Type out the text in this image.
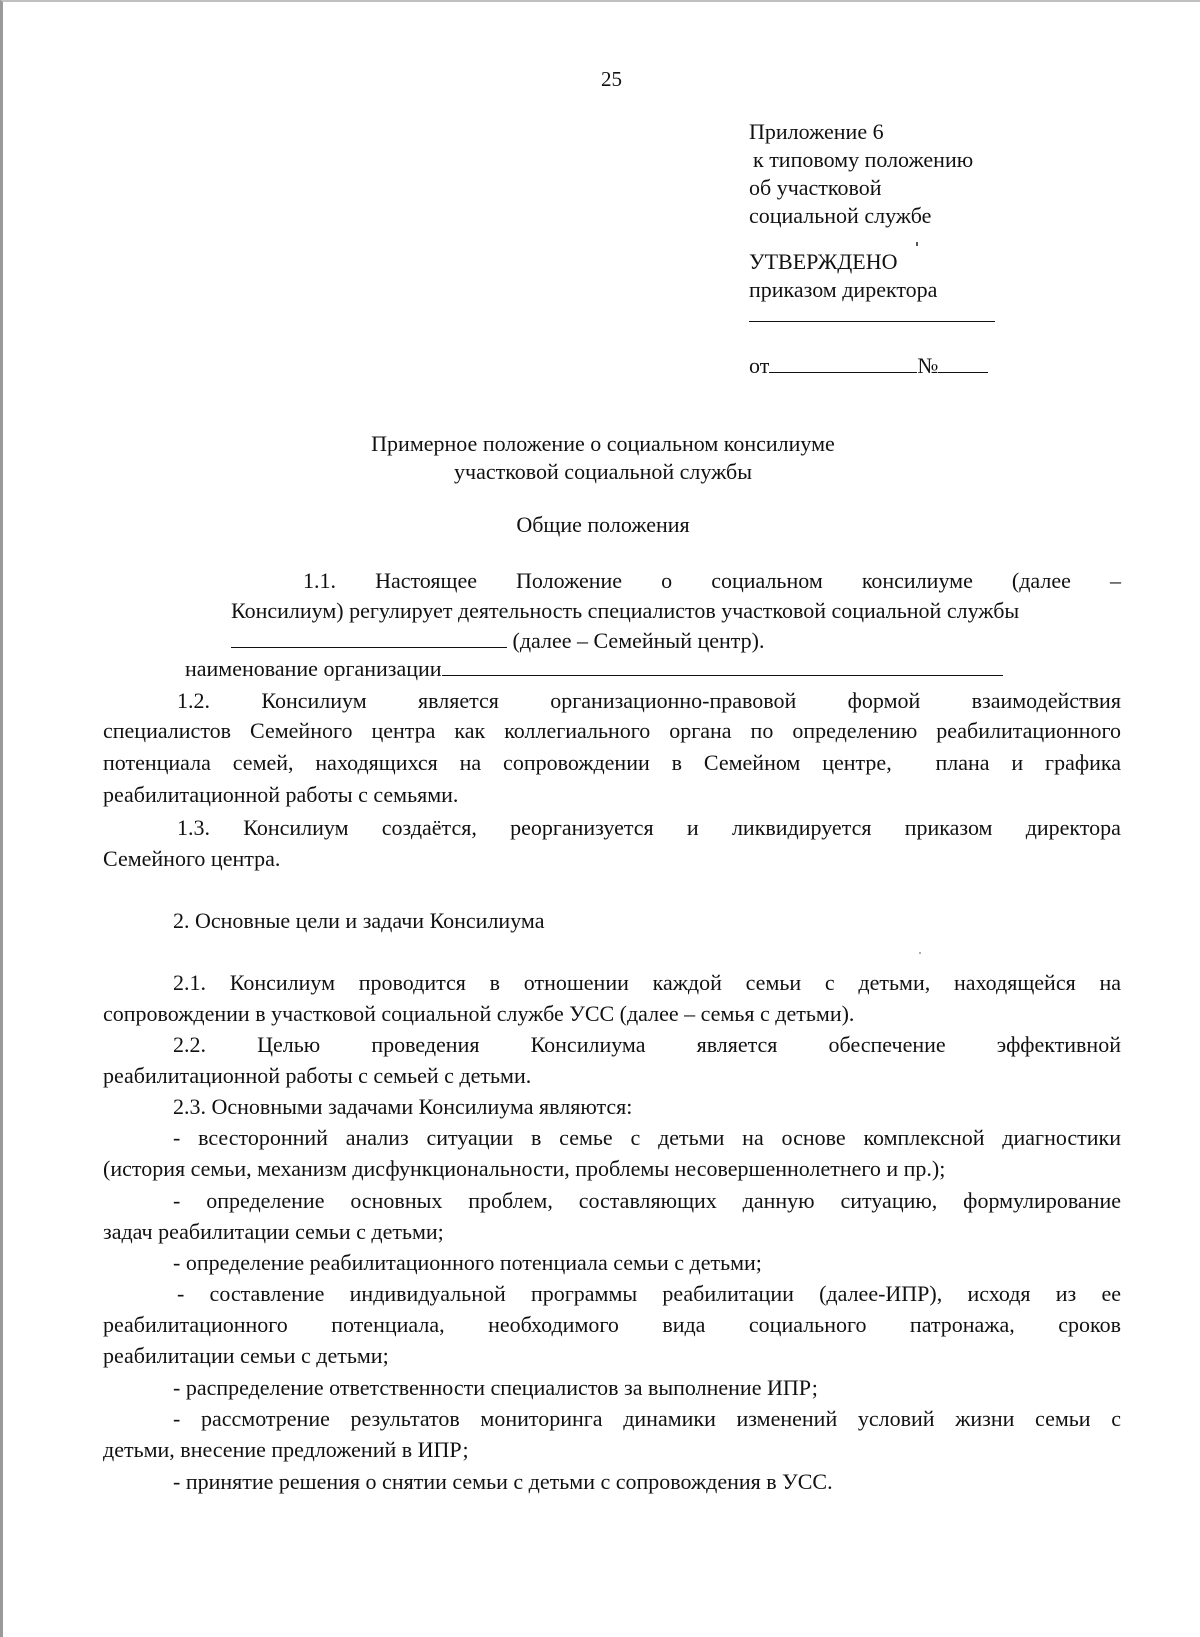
25
Приложение 6
к типовому положению
об участковой
социальной службе
УТВЕРЖДЕНО
приказом директора
от	№
Примерное положение о социальном консилиуме
участковой социальной службы
Общие положения
1.1. Настоящее Положение о социальном консилиуме (далее –
Консилиум) регулирует деятельность специалистов участковой социальной службы
(далее – Семейный центр).
наименование организации
1.2. Консилиум является организационно-правовой формой взаимодействия
специалистов Семейного центра как коллегиального органа по определению реабилитационного
потенциала семей, находящихся на сопровождении в Семейном центре,  плана и графика
реабилитационной работы с семьями.
1.3. Консилиум создаётся, реорганизуется и ликвидируется приказом директора
Семейного центра.
2. Основные цели и задачи Консилиума
2.1. Консилиум проводится в отношении каждой семьи с детьми, находящейся на
сопровождении в участковой социальной службе УСС (далее – семья с детьми).
2.2. Целью проведения Консилиума является обеспечение эффективной
реабилитационной работы с семьей с детьми.
2.3. Основными задачами Консилиума являются:
- всесторонний анализ ситуации в семье с детьми на основе комплексной диагностики
(история семьи, механизм дисфункциональности, проблемы несовершеннолетнего и пр.);
- определение основных проблем, составляющих данную ситуацию, формулирование
задач реабилитации семьи с детьми;
- определение реабилитационного потенциала семьи с детьми;
- составление индивидуальной программы реабилитации (далее-ИПР), исходя из ее
реабилитационного потенциала, необходимого вида социального патронажа, сроков
реабилитации семьи с детьми;
- распределение ответственности специалистов за выполнение ИПР;
- рассмотрение результатов мониторинга динамики изменений условий жизни семьи с
детьми, внесение предложений в ИПР;
- принятие решения о снятии семьи с детьми с сопровождения в УСС.
